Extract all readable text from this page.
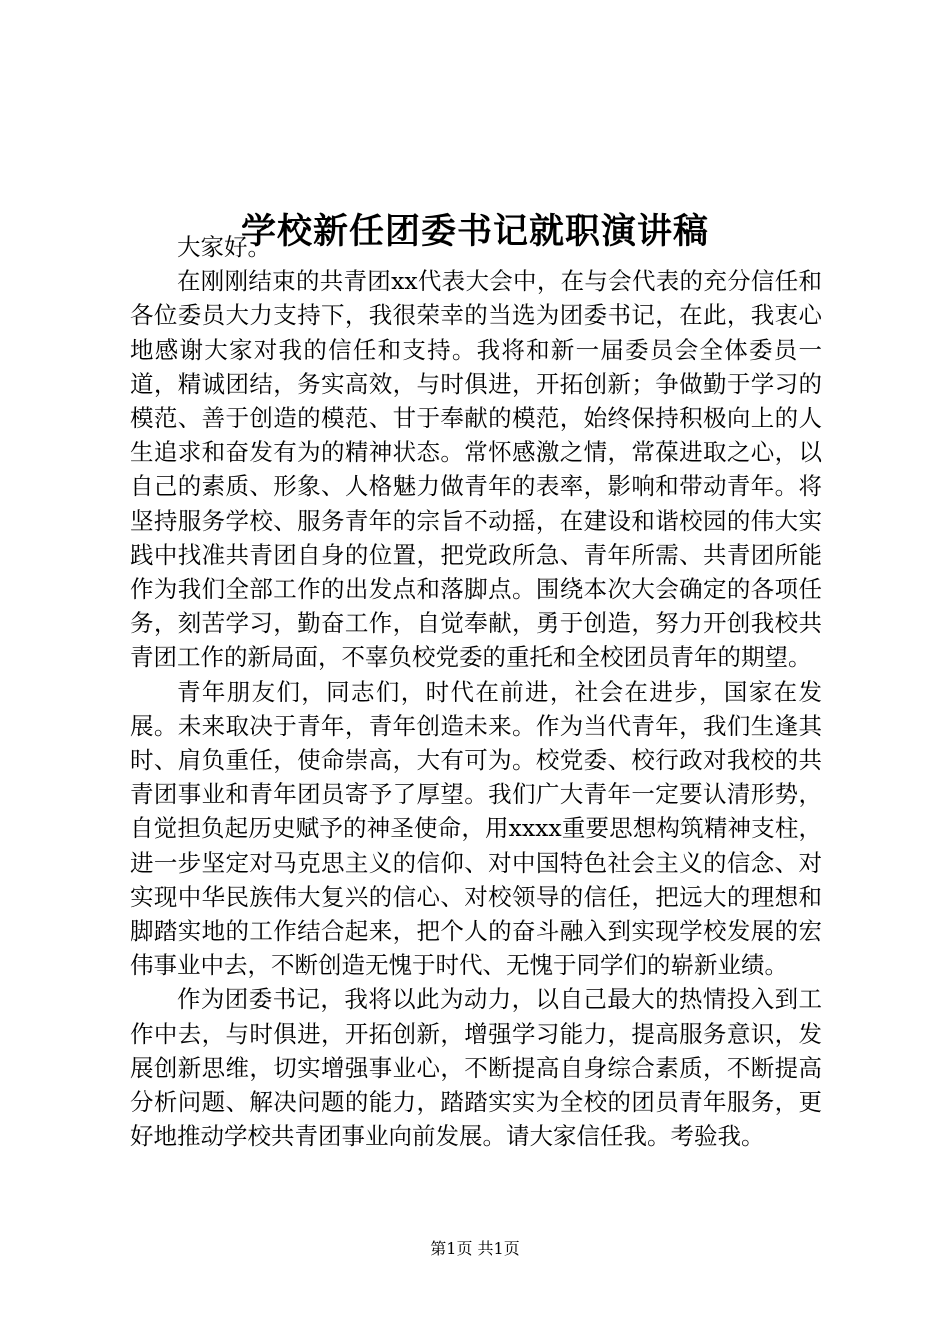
学校新任团委书记就职演讲稿

大家好。

在刚刚结束的共青团xx代表大会中，在与会代表的充分信任和各位委员大力支持下，我很荣幸的当选为团委书记，在此，我衷心地感谢大家对我的信任和支持。我将和新一届委员会全体委员一道，精诚团结，务实高效，与时俱进，开拓创新；争做勤于学习的模范、善于创造的模范、甘于奉献的模范，始终保持积极向上的人生追求和奋发有为的精神状态。常怀感激之情，常葆进取之心，以自己的素质、形象、人格魅力做青年的表率，影响和带动青年。将坚持服务学校、服务青年的宗旨不动摇，在建设和谐校园的伟大实践中找准共青团自身的位置，把党政所急、青年所需、共青团所能作为我们全部工作的出发点和落脚点。围绕本次大会确定的各项任务，刻苦学习，勤奋工作，自觉奉献，勇于创造，努力开创我校共青团工作的新局面，不辜负校党委的重托和全校团员青年的期望。

青年朋友们，同志们，时代在前进，社会在进步，国家在发展。未来取决于青年，青年创造未来。作为当代青年，我们生逢其时、肩负重任，使命崇高，大有可为。校党委、校行政对我校的共青团事业和青年团员寄予了厚望。我们广大青年一定要认清形势，自觉担负起历史赋予的神圣使命，用xxxx重要思想构筑精神支柱，进一步坚定对马克思主义的信仰、对中国特色社会主义的信念、对实现中华民族伟大复兴的信心、对校领导的信任，把远大的理想和脚踏实地的工作结合起来，把个人的奋斗融入到实现学校发展的宏伟事业中去，不断创造无愧于时代、无愧于同学们的崭新业绩。

作为团委书记，我将以此为动力，以自己最大的热情投入到工作中去，与时俱进，开拓创新，增强学习能力，提高服务意识，发展创新思维，切实增强事业心，不断提高自身综合素质，不断提高分析问题、解决问题的能力，踏踏实实为全校的团员青年服务，更好地推动学校共青团事业向前发展。请大家信任我。考验我。

第1页 共1页
